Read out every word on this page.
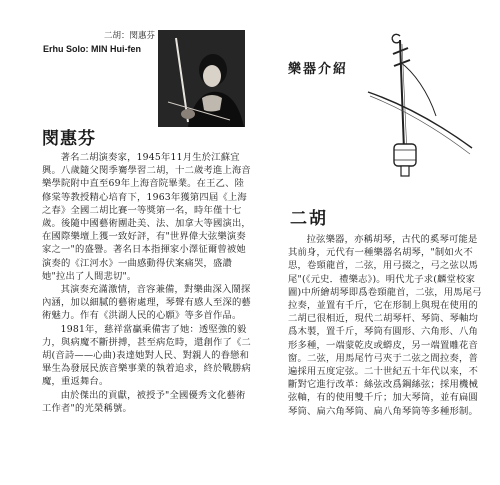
二胡：閔惠芬
Erhu Solo: MIN Hui-fen
閔惠芬

著名二胡演奏家，1945年11月生於江蘇宜興。八歲隨父閔季騫學習二胡，十二歲考進上海音樂學院附中直至69年上海音院畢業。在王乙、陸修棠等教授精心培育下，1963年獲第四屆《上海之春》全國二胡比賽一等獎第一名，時年僅十七歲。後隨中國藝術團赴美、法、加拿大等國演出，在國際樂壇上獲一致好評，有"世界偉大弦樂演奏家之一"的盛譽。著名日本指揮家小澤征爾曾被她演奏的《江河水》一曲感動得伏案痛哭，盛讚她"拉出了人間悲切"。

其演奏充滿激情，音容兼備，對樂曲深入鬧探內涵，加以細膩的藝術處理，琴聲有感人至深的藝術魅力。作有《洪湖人民的心願》等多首作品。

1981年，慈祥當贏乘備害了她：透堅強的毅力，與病魔不斷拼搏，甚至病危時，還創作了《二胡(音詩——心曲)表達她對人民、對親人的眷戀和畢生為發展民族音樂事業的執着追求，終於戰勝病魔，重返舞台。

由於傑出的貢獻，被授予"全國優秀文化藝術工作者"的光榮稱號。

樂器介紹
二胡

拉弦樂器，亦稱胡琴，古代的奚琴可能是其前身，元代有一種樂器名胡琴，"制如火不思，卷頸龍首，二弦，用弓掇之，弓之弦以馬尾"(《元史．禮樂志》)。明代尤子求(麟堂校家圖)中所繪胡琴即爲卷頸龍首，二弦，用馬尾弓拉奏，並置有千斤，它在形制上與現在使用的二胡已很相近，現代二胡琴杆、琴筒、琴軸均爲木製，置千斤，琴筒有圓形、六角形、八角形多種，一端蒙乾皮或蟒皮，另一端置雕花音窗。二弦，用馬尾竹弓夾于二弦之間拉奏，普遍採用五度定弦。二十世紀五十年代以來，不斷對它進行改革：絲弦改爲鋼絲弦；採用機械弦軸，有的使用雙千斤；加大琴筒，並有扁圓琴筒、扁六角琴筒、扁八角琴筒等多種形制。
